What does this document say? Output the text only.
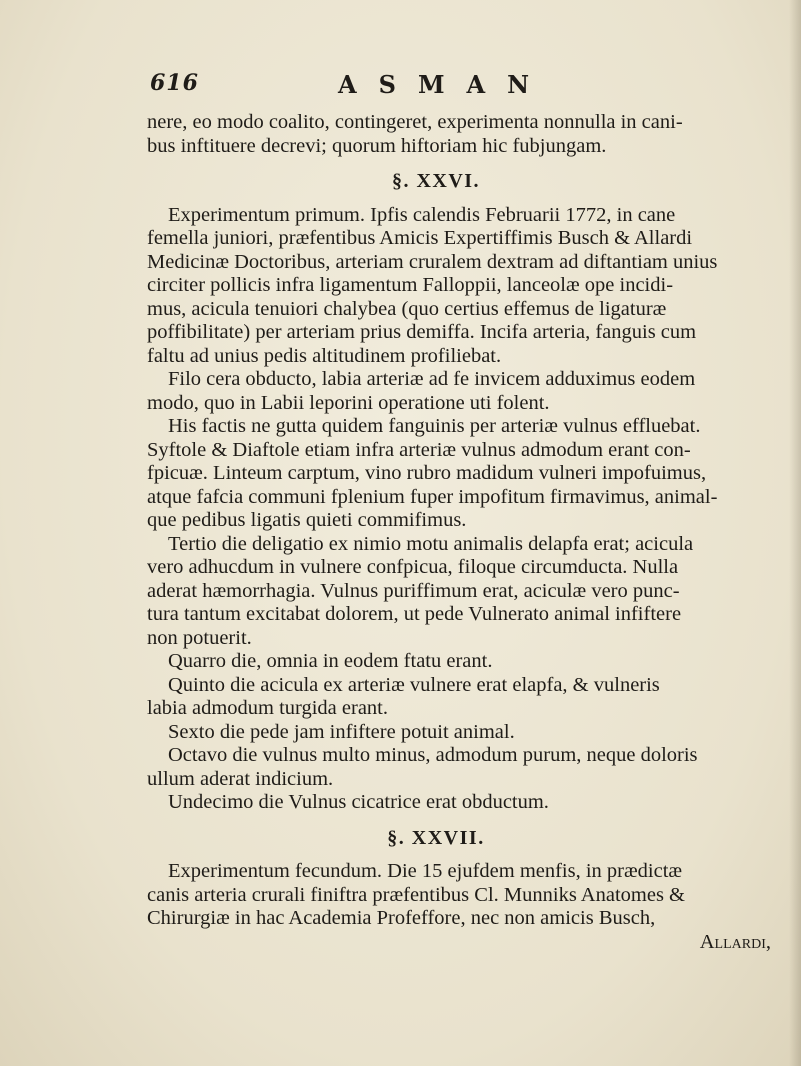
616	ASMAN
nere, eo modo coalito, contingeret, experimenta nonnulla in cani-
bus inftituere decrevi; quorum hiftoriam hic fubjungam.
§. XXVI.
Experimentum primum. Ipfis calendis Februarii 1772, in cane
femella juniori, præfentibus Amicis Expertiffimis Busch & Allardi
Medicinæ Doctoribus, arteriam cruralem dextram ad diftantiam unius
circiter pollicis infra ligamentum Falloppii, lanceolæ ope incidi-
mus, acicula tenuiori chalybea (quo certius effemus de ligaturæ
poffibilitate) per arteriam prius demiffa. Incifa arteria, fanguis cum
faltu ad unius pedis altitudinem profiliebat.
Filo cera obducto, labia arteriæ ad fe invicem adduximus eodem
modo, quo in Labii leporini operatione uti folent.
His factis ne gutta quidem fanguinis per arteriæ vulnus effluebat.
Syftole & Diaftole etiam infra arteriæ vulnus admodum erant con-
fpicuæ. Linteum carptum, vino rubro madidum vulneri impofuimus,
atque fafcia communi fplenium fuper impofitum firmavimus, animal-
que pedibus ligatis quieti commifimus.
Tertio die deligatio ex nimio motu animalis delapfa erat; acicula
vero adhucdum in vulnere confpicua, filoque circumducta. Nulla
aderat hæmorrhagia. Vulnus puriffimum erat, aciculæ vero punc-
tura tantum excitabat dolorem, ut pede Vulnerato animal infiftere
non potuerit.
Quarro die, omnia in eodem ftatu erant.
Quinto die acicula ex arteriæ vulnere erat elapfa, & vulneris
labia admodum turgida erant.
Sexto die pede jam infiftere potuit animal.
Octavo die vulnus multo minus, admodum purum, neque doloris
ullum aderat indicium.
Undecimo die Vulnus cicatrice erat obductum.
§. XXVII.
Experimentum fecundum. Die 15 ejufdem menfis, in prædictæ
canis arteria crurali finiftra præfentibus Cl. Munniks Anatomes &
Chirurgiæ in hac Academia Profeffore, nec non amicis Busch,
Allardi,
